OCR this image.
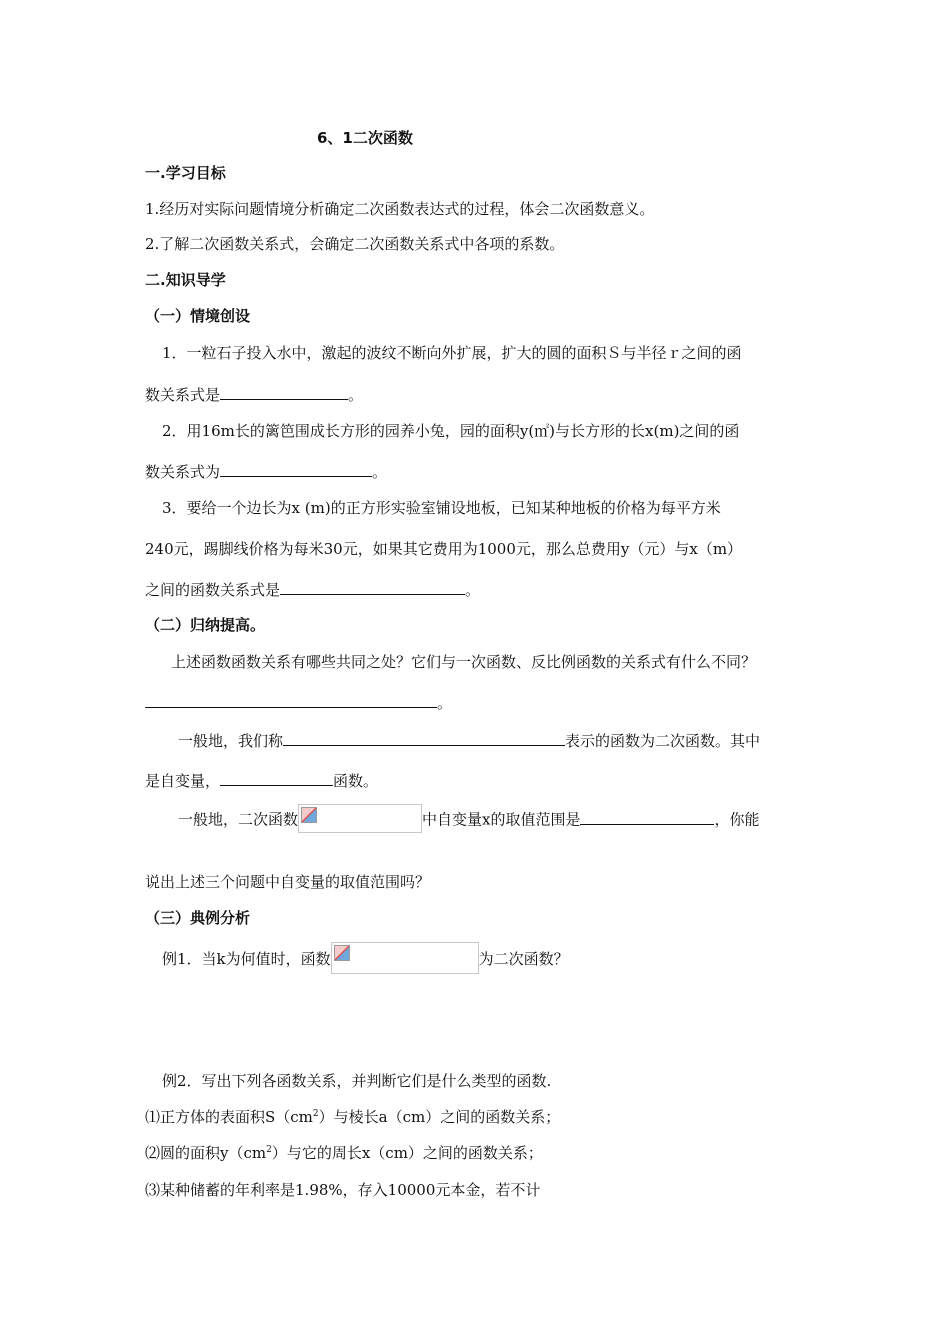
6、1二次函数
一.学习目标
1.经历对实际问题情境分析确定二次函数表达式的过程，体会二次函数意义。
2.了解二次函数关系式，会确定二次函数关系式中各项的系数。
二.知识导学
（一）情境创设
1．一粒石子投入水中，激起的波纹不断向外扩展，扩大的圆的面积Ｓ与半径ｒ之间的函
数关系式是	。
2．用16m长的篱笆围成长方形的园养小兔，园的面积y(㎡)与长方形的长x(m)之间的函
数关系式为	。
3．要给一个边长为x (m)的正方形实验室铺设地板，已知某种地板的价格为每平方米
240元，踢脚线价格为每米30元，如果其它费用为1000元，那么总费用y（元）与x（m）
之间的函数关系式是	。
（二）归纳提高。
上述函数函数关系有哪些共同之处？它们与一次函数、反比例函数的关系式有什么不同？
。
一般地，我们称	表示的函数为二次函数。其中
是自变量，	函数。
一般地，二次函数	中自变量x的取值范围是	，你能
说出上述三个问题中自变量的取值范围吗？
（三）典例分析
例1．当k为何值时，函数	为二次函数？
例2．写出下列各函数关系，并判断它们是什么类型的函数.
⑴正方体的表面积$S(cm^2)$与棱长a（cm）之间的函数关系；
⑵圆的面积$y(cm^2)$与它的周长x（cm）之间的函数关系；
⑶某种储蓄的年利率是1.98%，存入10000元本金，若不计
